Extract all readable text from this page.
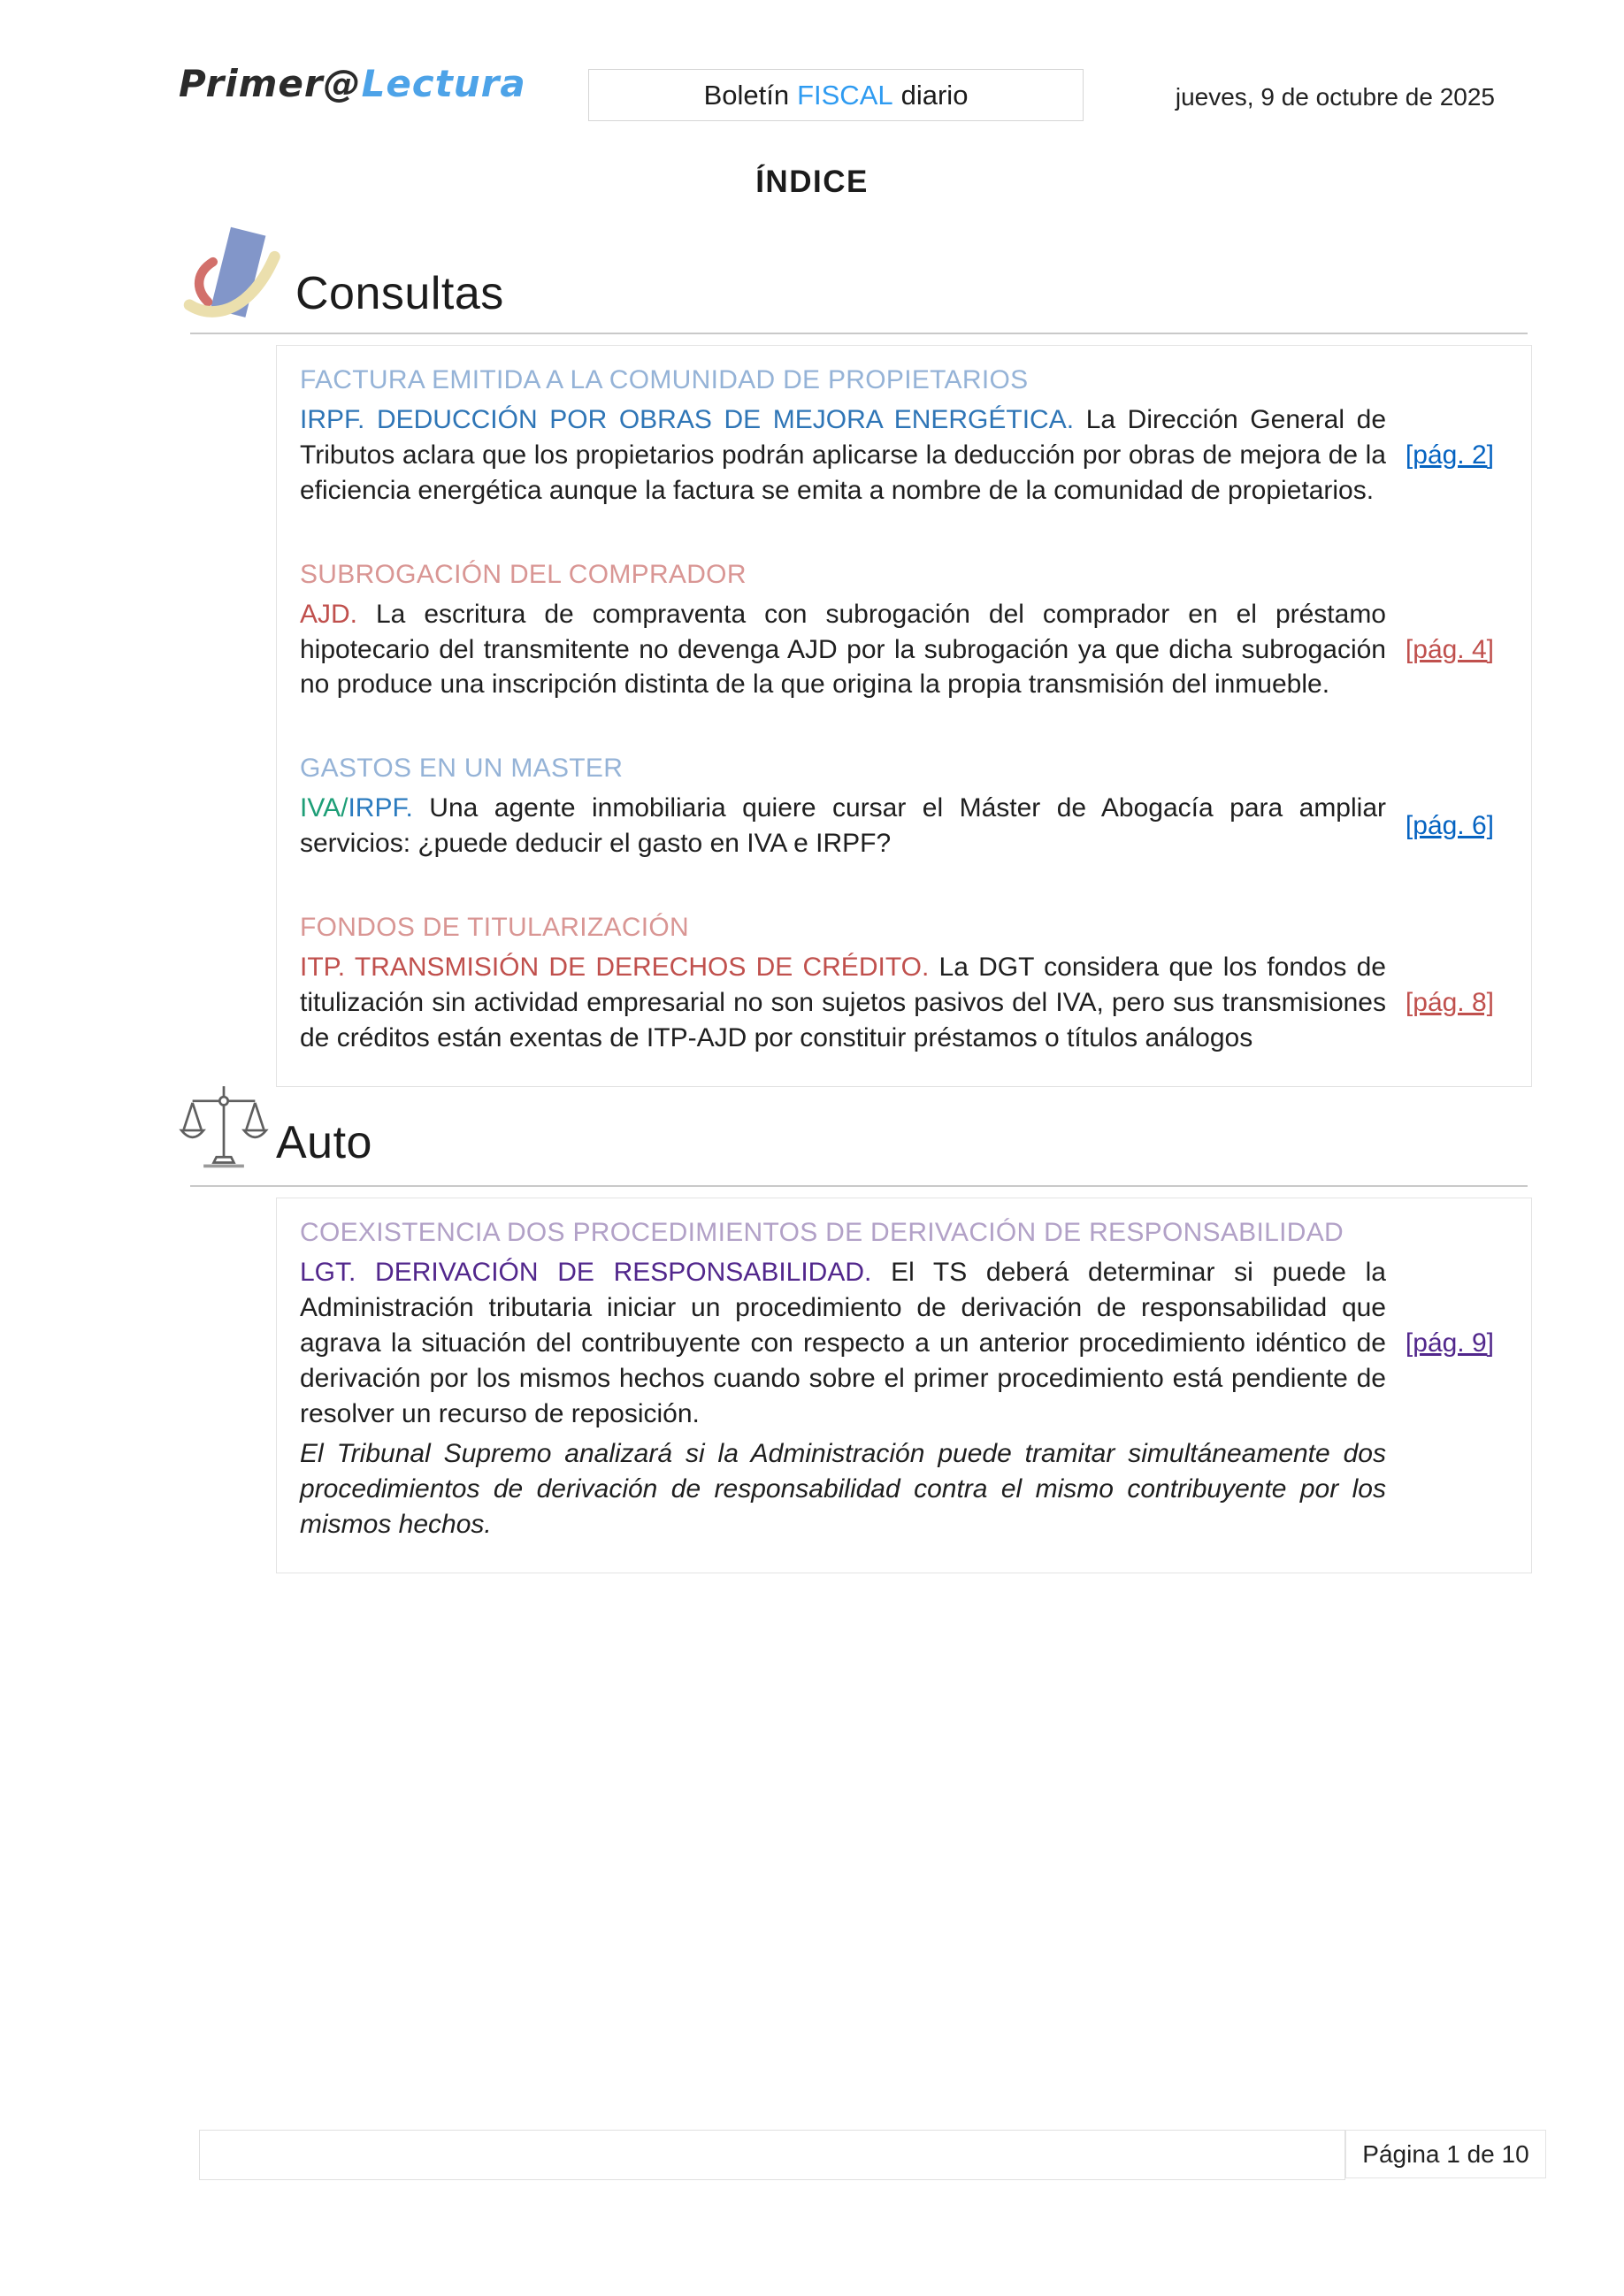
Primer@Lectura	Boletín FISCAL diario	jueves, 9 de octubre de 2025
ÍNDICE
Consultas
FACTURA EMITIDA A LA COMUNIDAD DE PROPIETARIOS

IRPF. DEDUCCIÓN POR OBRAS DE MEJORA ENERGÉTICA. La Dirección General de Tributos aclara que los propietarios podrán aplicarse la deducción por obras de mejora de la eficiencia energética aunque la factura se emita a nombre de la comunidad de propietarios.

[pág. 2]
SUBROGACIÓN DEL COMPRADOR

AJD. La escritura de compraventa con subrogación del comprador en el préstamo hipotecario del transmitente no devenga AJD por la subrogación ya que dicha subrogación no produce una inscripción distinta de la que origina la propia transmisión del inmueble.

[pág. 4]
GASTOS EN UN MASTER

IVA/IRPF. Una agente inmobiliaria quiere cursar el Máster de Abogacía para ampliar servicios: ¿puede deducir el gasto en IVA e IRPF?

[pág. 6]
FONDOS DE TITULARIZACIÓN

ITP. TRANSMISIÓN DE DERECHOS DE CRÉDITO. La DGT considera que los fondos de titulización sin actividad empresarial no son sujetos pasivos del IVA, pero sus transmisiones de créditos están exentas de ITP-AJD por constituir préstamos o títulos análogos

[pág. 8]
Auto
COEXISTENCIA DOS PROCEDIMIENTOS DE DERIVACIÓN DE RESPONSABILIDAD

LGT. DERIVACIÓN DE RESPONSABILIDAD. El TS deberá determinar si puede la Administración tributaria iniciar un procedimiento de derivación de responsabilidad que agrava la situación del contribuyente con respecto a un anterior procedimiento idéntico de derivación por los mismos hechos cuando sobre el primer procedimiento está pendiente de resolver un recurso de reposición.

[pág. 9]

El Tribunal Supremo analizará si la Administración puede tramitar simultáneamente dos procedimientos de derivación de responsabilidad contra el mismo contribuyente por los mismos hechos.

Página 1 de 10
